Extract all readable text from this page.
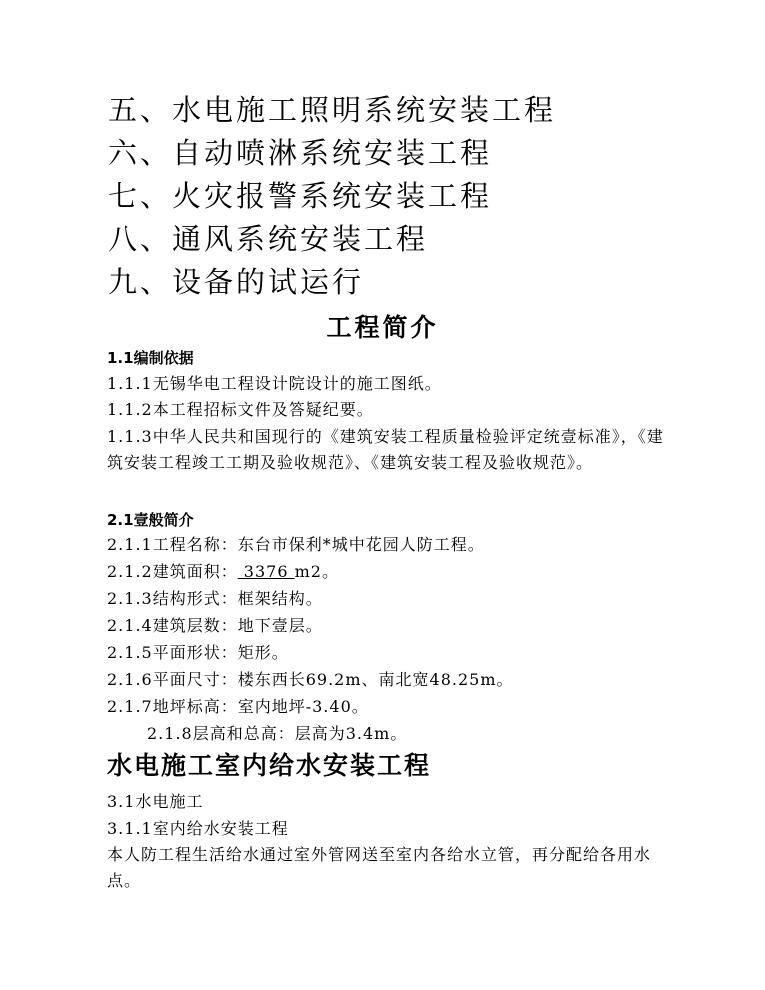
五、水电施工照明系统安装工程
六、自动喷淋系统安装工程
七、火灾报警系统安装工程
八、通风系统安装工程
九、设备的试运行
工程简介
1.1编制依据
1.1.1无锡华电工程设计院设计的施工图纸。
1.1.2本工程招标文件及答疑纪要。
1.1.3中华人民共和国现行的《建筑安装工程质量检验评定统壹标准》，《建筑安装工程竣工工期及验收规范》、《建筑安装工程及验收规范》。
2.1壹般简介
2.1.1工程名称：东台市保利*城中花园人防工程。
2.1.2建筑面积： 3376 m2。
2.1.3结构形式：框架结构。
2.1.4建筑层数：地下壹层。
2.1.5平面形状：矩形。
2.1.6平面尺寸：楼东西长69.2m、南北宽48.25m。
2.1.7地坪标高：室内地坪-3.40。
2.1.8层高和总高：层高为3.4m。
水电施工室内给水安装工程
3.1水电施工
3.1.1室内给水安装工程
本人防工程生活给水通过室外管网送至室内各给水立管，再分配给各用水点。
